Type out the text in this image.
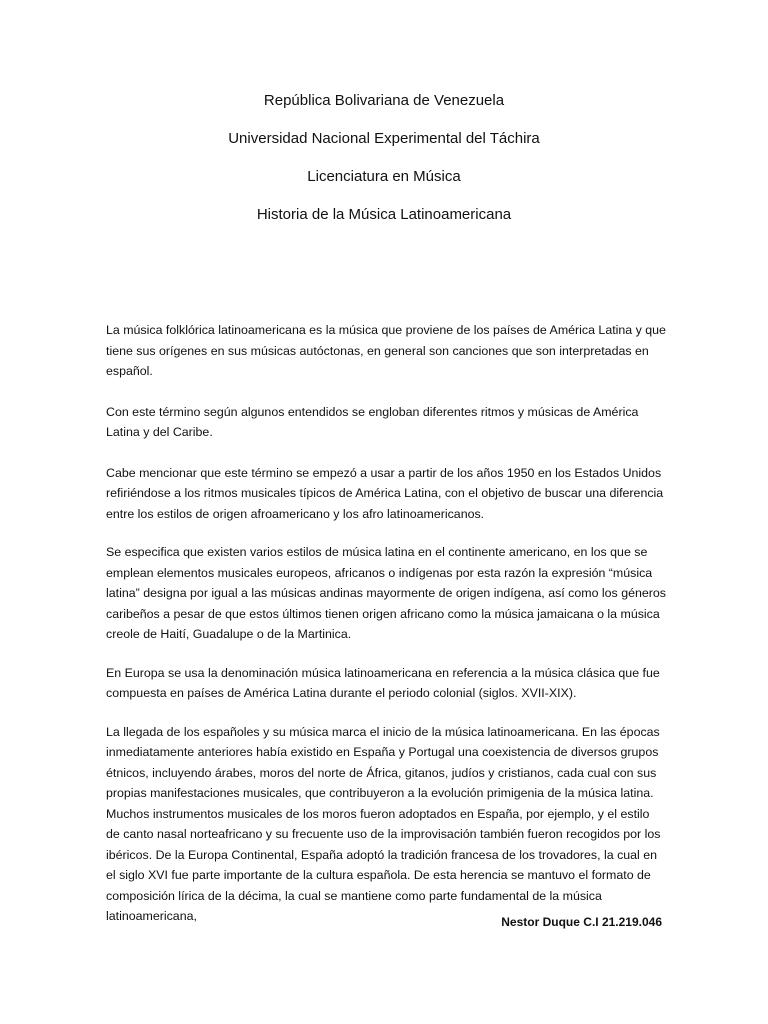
República Bolivariana de Venezuela
Universidad Nacional Experimental del Táchira
Licenciatura en Música
Historia de la Música Latinoamericana

La música folklórica latinoamericana es la música que proviene de los países de América Latina y que tiene sus orígenes en sus músicas autóctonas, en general son canciones que son interpretadas en español.

Con este término según algunos entendidos se engloban diferentes ritmos y músicas de América Latina y del Caribe.

Cabe mencionar que este término se empezó a usar a partir de los años 1950 en los Estados Unidos refiriéndose a los ritmos musicales típicos de América Latina, con el objetivo de buscar una diferencia entre los estilos de origen afroamericano y los afro latinoamericanos.

Se especifica que existen varios estilos de música latina en el continente americano, en los que se emplean elementos musicales europeos, africanos o indígenas por esta razón la expresión “música latina” designa por igual a las músicas andinas mayormente de origen indígena, así como los géneros caribeños a pesar de que estos últimos tienen origen africano como la música jamaicana o la música creole de Haití, Guadalupe o de la Martinica.

En Europa se usa la denominación música latinoamericana en referencia a la música clásica que fue compuesta en países de América Latina durante el periodo colonial (siglos. XVII-XIX).

La llegada de los españoles y su música marca el inicio de la música latinoamericana. En las épocas inmediatamente anteriores había existido en España y Portugal una coexistencia de diversos grupos étnicos, incluyendo árabes, moros del norte de África, gitanos, judíos y cristianos, cada cual con sus propias manifestaciones musicales, que contribuyeron a la evolución primigenia de la música latina. Muchos instrumentos musicales de los moros fueron adoptados en España, por ejemplo, y el estilo de canto nasal norteafricano y su frecuente uso de la improvisación también fueron recogidos por los ibéricos. De la Europa Continental, España adoptó la tradición francesa de los trovadores, la cual en el siglo XVI fue parte importante de la cultura española. De esta herencia se mantuvo el formato de composición lírica de la décima, la cual se mantiene como parte fundamental de la música latinoamericana,	Nestor Duque C.I 21.219.046
